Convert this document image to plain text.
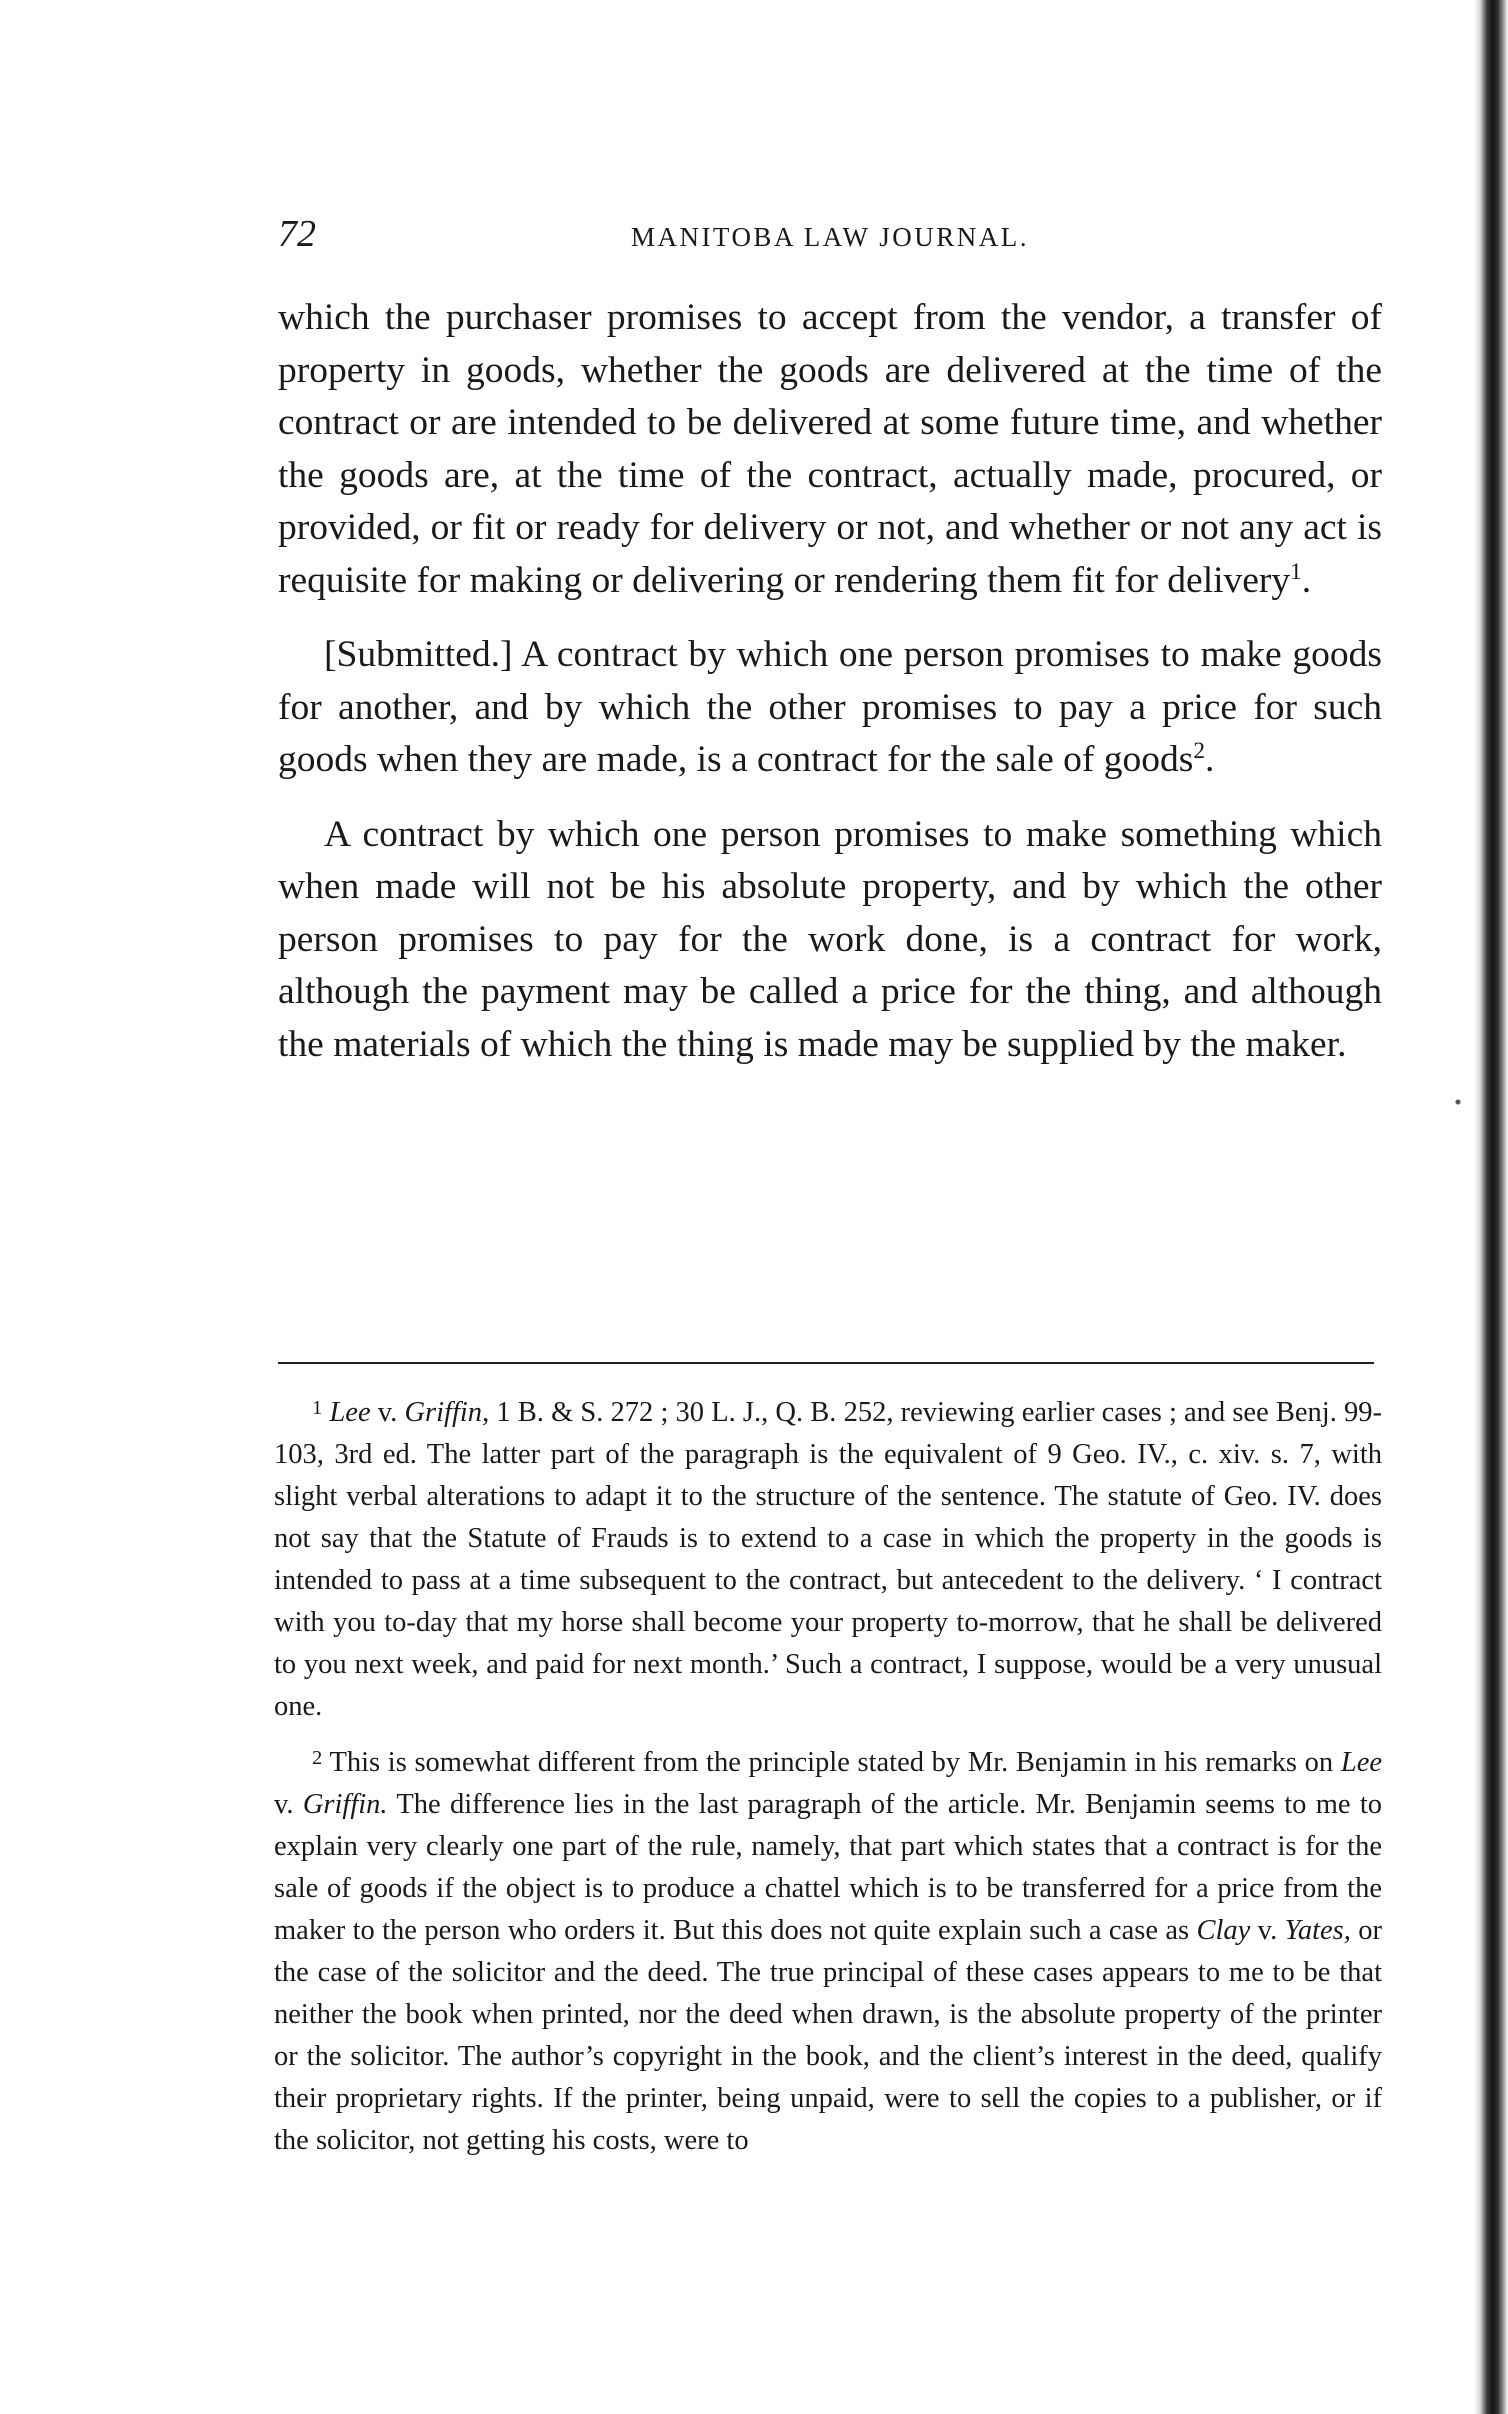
72	MANITOBA LAW JOURNAL.

which the purchaser promises to accept from the vendor, a transfer of property in goods, whether the goods are delivered at the time of the contract or are intended to be delivered at some future time, and whether the goods are, at the time of the contract, actually made, procured, or provided, or fit or ready for delivery or not, and whether or not any act is requisite for making or delivering or rendering them fit for delivery$^1$.

[Submitted.] A contract by which one person promises to make goods for another, and by which the other promises to pay a price for such goods when they are made, is a contract for the sale of goods$^2$.

A contract by which one person promises to make something which when made will not be his absolute property, and by which the other person promises to pay for the work done, is a contract for work, although the payment may be called a price for the thing, and although the materials of which the thing is made may be supplied by the maker.

$^1$ Lee v. Griffin, 1 B. & S. 272 ; 30 L. J., Q. B. 252, reviewing earlier cases ; and see Benj. 99-103, 3rd ed. The latter part of the paragraph is the equivalent of 9 Geo. IV., c. xiv. s. 7, with slight verbal alterations to adapt it to the structure of the sentence. The statute of Geo. IV. does not say that the Statute of Frauds is to extend to a case in which the property in the goods is intended to pass at a time subsequent to the contract, but antecedent to the delivery. ‘ I contract with you to-day that my horse shall become your property to-morrow, that he shall be delivered to you next week, and paid for next month.’ Such a contract, I suppose, would be a very unusual one.

$^2$ This is somewhat different from the principle stated by Mr. Benjamin in his remarks on Lee v. Griffin. The difference lies in the last paragraph of the article. Mr. Benjamin seems to me to explain very clearly one part of the rule, namely, that part which states that a contract is for the sale of goods if the object is to produce a chattel which is to be transferred for a price from the maker to the person who orders it. But this does not quite explain such a case as Clay v. Yates, or the case of the solicitor and the deed. The true principal of these cases appears to me to be that neither the book when printed, nor the deed when drawn, is the absolute property of the printer or the solicitor. The author’s copyright in the book, and the client’s interest in the deed, qualify their proprietary rights. If the printer, being unpaid, were to sell the copies to a publisher, or if the solicitor, not getting his costs, were to
